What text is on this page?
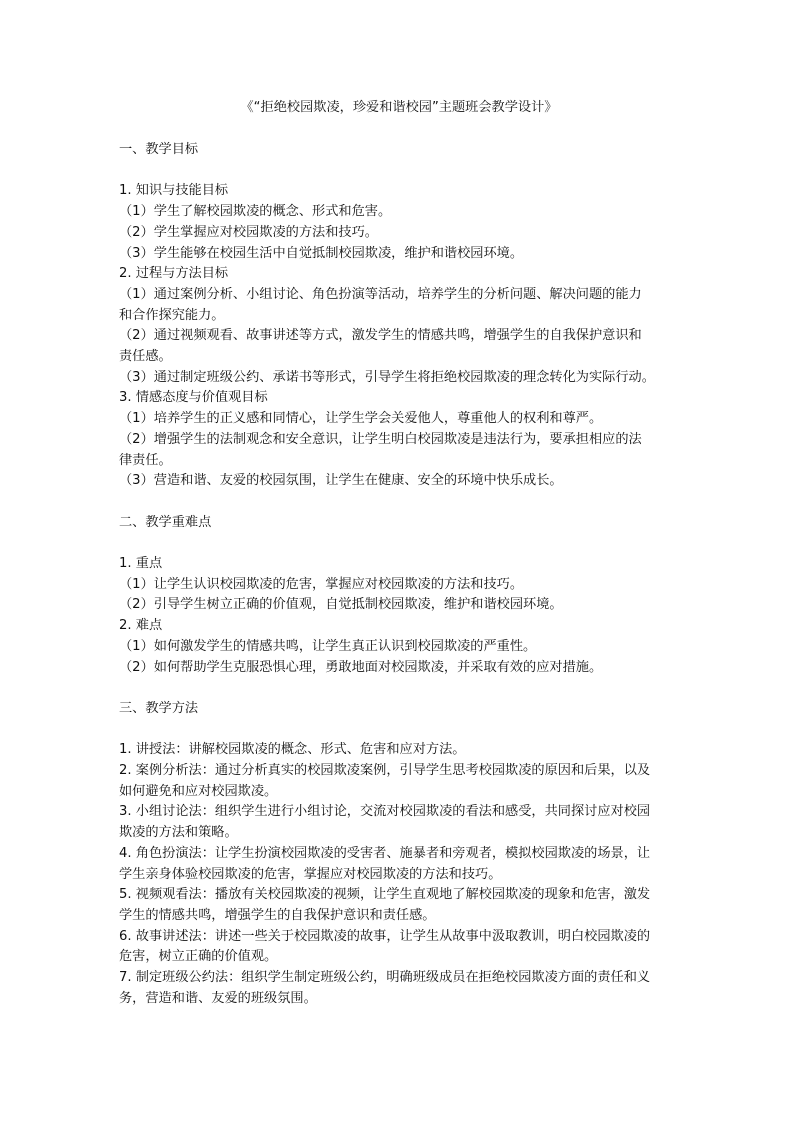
《“拒绝校园欺凌，珍爱和谐校园”主题班会教学设计》
一、教学目标
1. 知识与技能目标
（1）学生了解校园欺凌的概念、形式和危害。
（2）学生掌握应对校园欺凌的方法和技巧。
（3）学生能够在校园生活中自觉抵制校园欺凌，维护和谐校园环境。
2. 过程与方法目标
（1）通过案例分析、小组讨论、角色扮演等活动，培养学生的分析问题、解决问题的能力
和合作探究能力。
（2）通过视频观看、故事讲述等方式，激发学生的情感共鸣，增强学生的自我保护意识和
责任感。
（3）通过制定班级公约、承诺书等形式，引导学生将拒绝校园欺凌的理念转化为实际行动。
3. 情感态度与价值观目标
（1）培养学生的正义感和同情心，让学生学会关爱他人，尊重他人的权利和尊严。
（2）增强学生的法制观念和安全意识，让学生明白校园欺凌是违法行为，要承担相应的法
律责任。
（3）营造和谐、友爱的校园氛围，让学生在健康、安全的环境中快乐成长。
二、教学重难点
1. 重点
（1）让学生认识校园欺凌的危害，掌握应对校园欺凌的方法和技巧。
（2）引导学生树立正确的价值观，自觉抵制校园欺凌，维护和谐校园环境。
2. 难点
（1）如何激发学生的情感共鸣，让学生真正认识到校园欺凌的严重性。
（2）如何帮助学生克服恐惧心理，勇敢地面对校园欺凌，并采取有效的应对措施。
三、教学方法
1. 讲授法：讲解校园欺凌的概念、形式、危害和应对方法。
2. 案例分析法：通过分析真实的校园欺凌案例，引导学生思考校园欺凌的原因和后果，以及
如何避免和应对校园欺凌。
3. 小组讨论法：组织学生进行小组讨论，交流对校园欺凌的看法和感受，共同探讨应对校园
欺凌的方法和策略。
4. 角色扮演法：让学生扮演校园欺凌的受害者、施暴者和旁观者，模拟校园欺凌的场景，让
学生亲身体验校园欺凌的危害，掌握应对校园欺凌的方法和技巧。
5. 视频观看法：播放有关校园欺凌的视频，让学生直观地了解校园欺凌的现象和危害，激发
学生的情感共鸣，增强学生的自我保护意识和责任感。
6. 故事讲述法：讲述一些关于校园欺凌的故事，让学生从故事中汲取教训，明白校园欺凌的
危害，树立正确的价值观。
7. 制定班级公约法：组织学生制定班级公约，明确班级成员在拒绝校园欺凌方面的责任和义
务，营造和谐、友爱的班级氛围。
